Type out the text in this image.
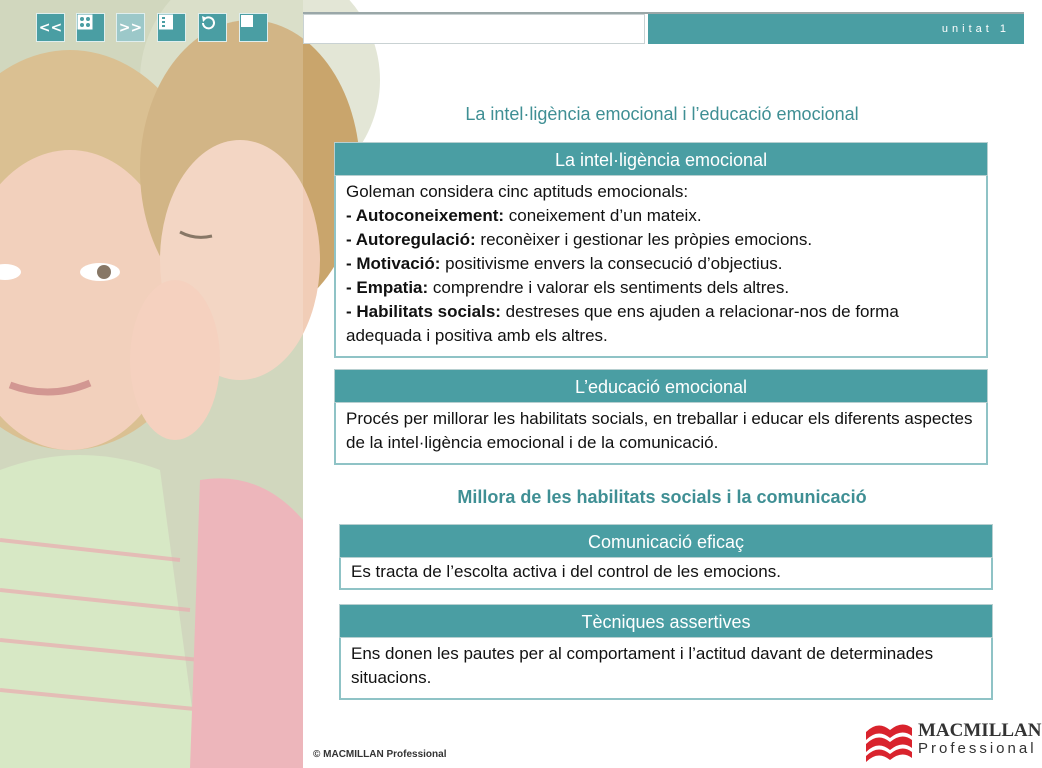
<<	>>	unitat 1
La intel·ligència emocional i l’educació emocional
La intel·ligència emocional
Goleman considera cinc aptituds emocionals:
- Autoconeixement: coneixement d’un mateix.
- Autoregulació: reconèixer i gestionar les pròpies emocions.
- Motivació: positivisme envers la consecució d’objectius.
- Empatia: comprendre i valorar els sentiments dels altres.
- Habilitats socials: destreses que ens ajuden a relacionar-nos de forma adequada i positiva amb els altres.
L’educació emocional
Procés per millorar les habilitats socials, en treballar i educar els diferents aspectes de la intel·ligència emocional i de la comunicació.
Millora de les habilitats socials i la comunicació
Comunicació eficaç
Es tracta de l’escolta activa i del control de les emocions.
Tècniques assertives
Ens donen les pautes per al comportament i l’actitud davant de determinades situacions.
© MACMILLAN Professional
MACMILLAN
Professional
